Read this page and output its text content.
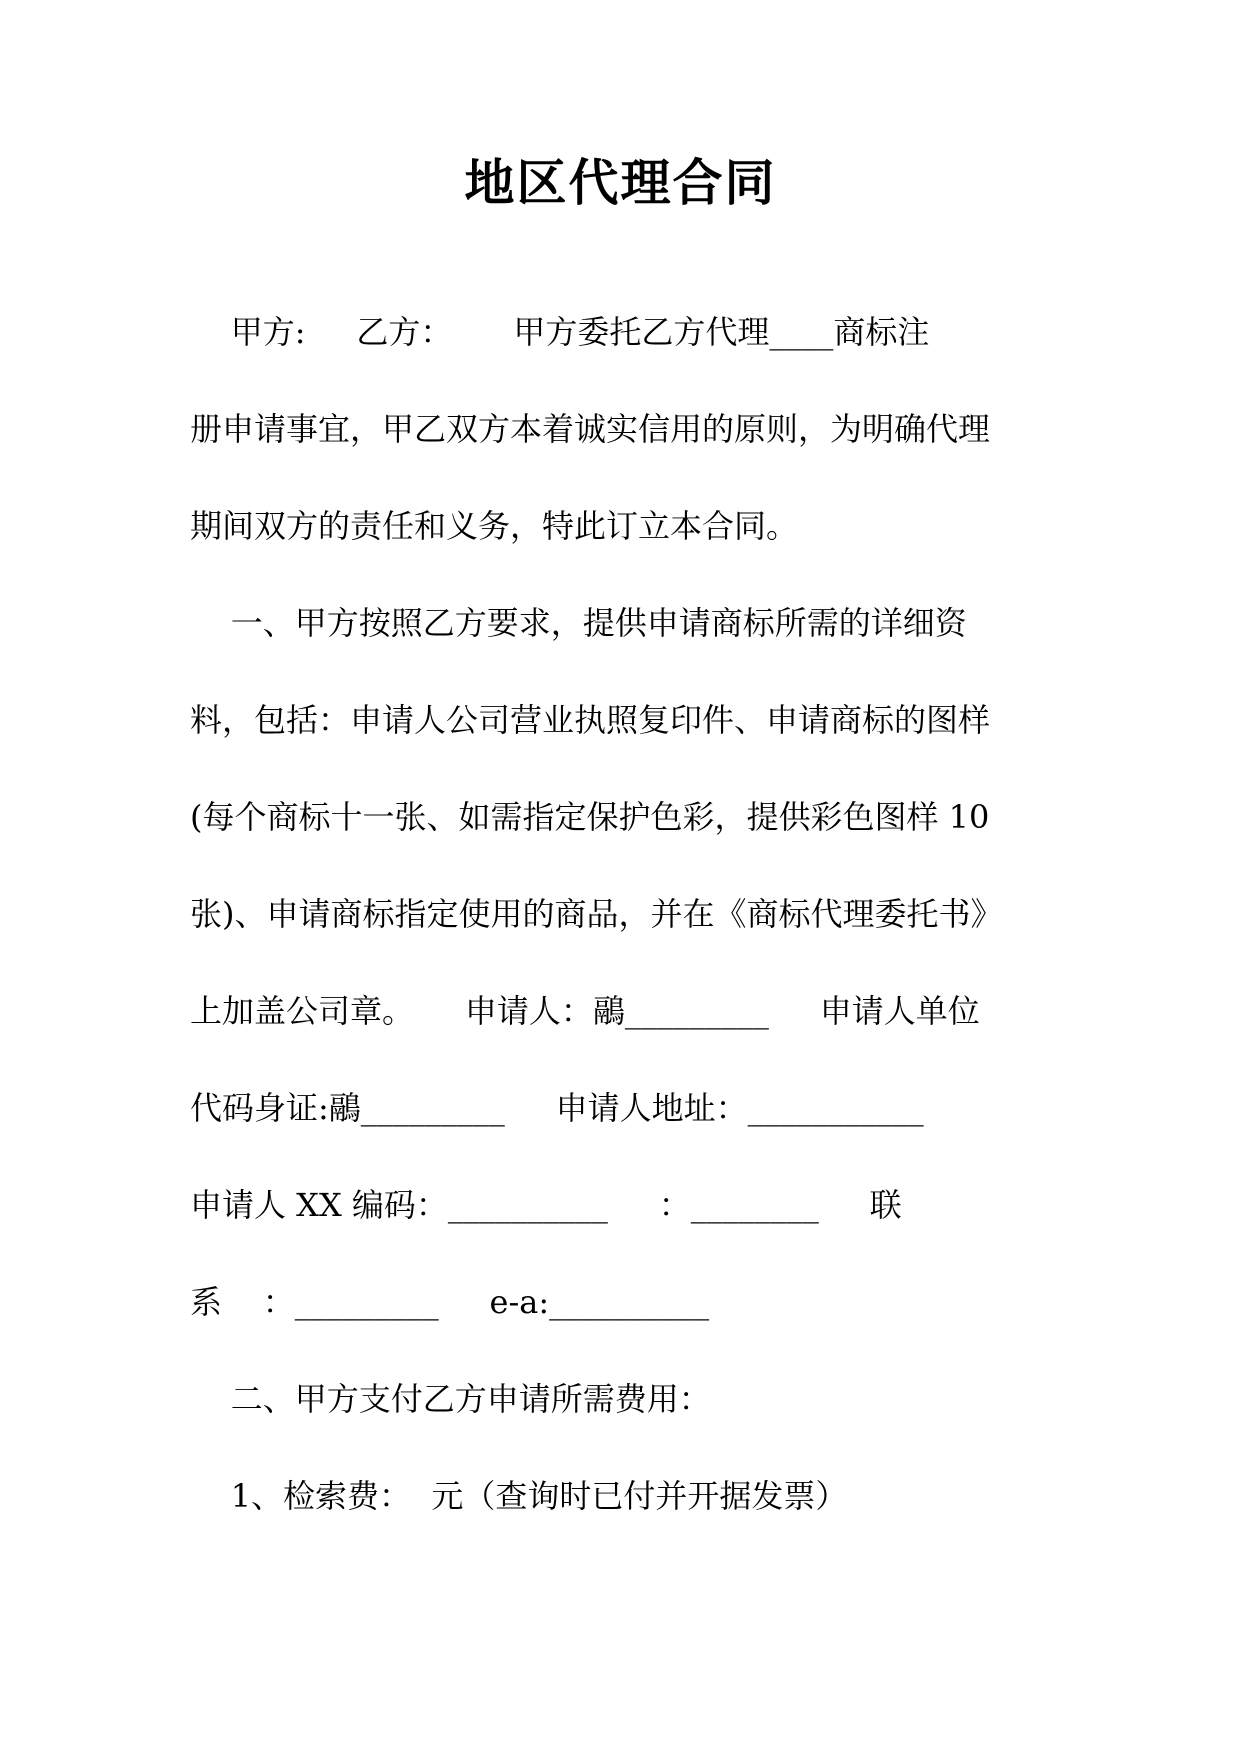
地区代理合同
甲方:     乙方：      甲方委托乙方代理____商标注
册申请事宜，甲乙双方本着诚实信用的原则，为明确代理
期间双方的责任和义务，特此订立本合同。
一、甲方按照乙方要求，提供申请商标所需的详细资
料，包括：申请人公司营业执照复印件、申请商标的图样
(每个商标十一张、如需指定保护色彩，提供彩色图样 10
张)、申请商标指定使用的商品，并在《商标代理委托书》
上加盖公司章。     申请人：鷊_________     申请人单位
代码身证:鷊_________     申请人地址：___________
申请人 XX 编码：__________     ：________     联
系    ：_________     e-a:__________
二、甲方支付乙方申请所需费用：
1、检索费：  元（查询时已付并开据发票）
